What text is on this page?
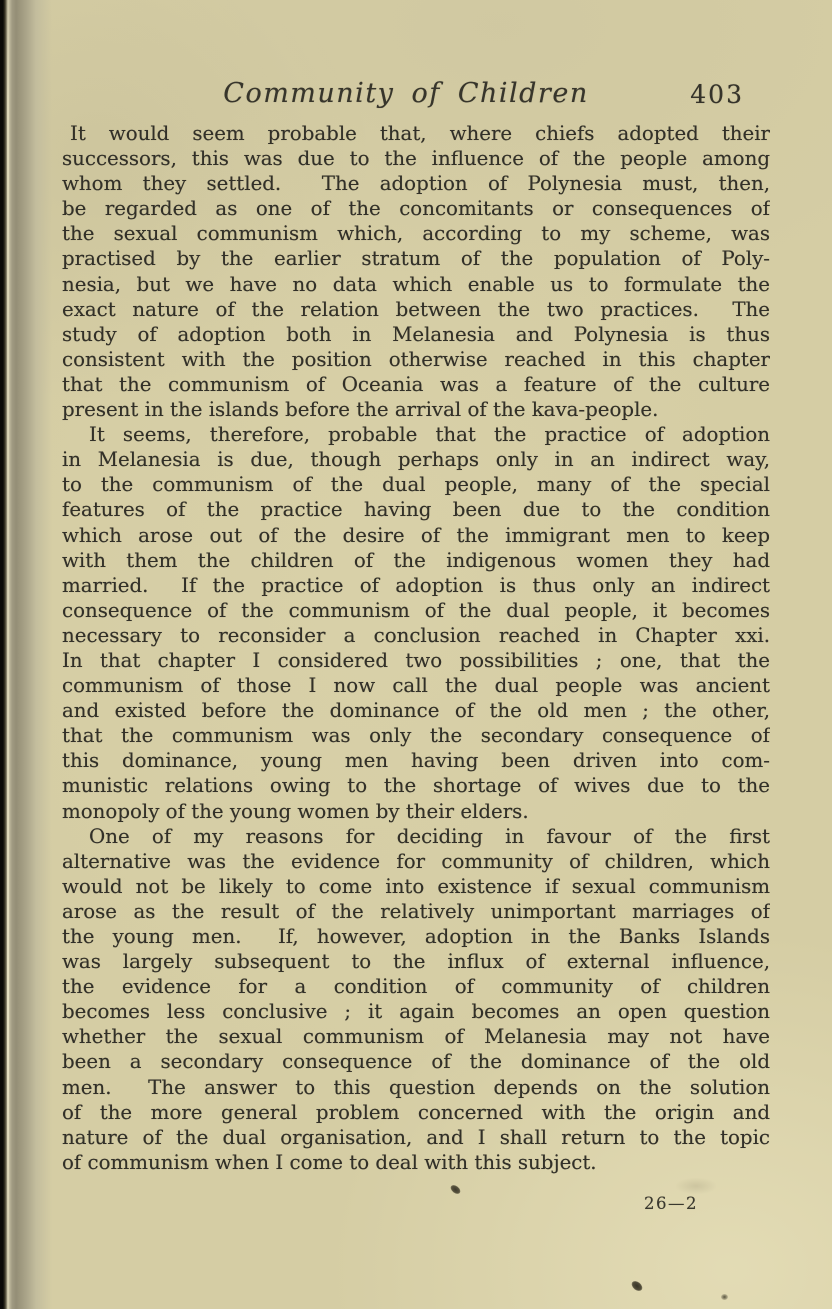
Community of Children	403
It would seem probable that, where chiefs adopted their
successors, this was due to the influence of the people among
whom they settled.  The adoption of Polynesia must, then,
be regarded as one of the concomitants or consequences of
the sexual communism which, according to my scheme, was
practised by the earlier stratum of the population of Poly-
nesia, but we have no data which enable us to formulate the
exact nature of the relation between the two practices.  The
study of adoption both in Melanesia and Polynesia is thus
consistent with the position otherwise reached in this chapter
that the communism of Oceania was a feature of the culture
present in the islands before the arrival of the kava-people.
It seems, therefore, probable that the practice of adoption
in Melanesia is due, though perhaps only in an indirect way,
to the communism of the dual people, many of the special
features of the practice having been due to the condition
which arose out of the desire of the immigrant men to keep
with them the children of the indigenous women they had
married.  If the practice of adoption is thus only an indirect
consequence of the communism of the dual people, it becomes
necessary to reconsider a conclusion reached in Chapter xxi.
In that chapter I considered two possibilities ; one, that the
communism of those I now call the dual people was ancient
and existed before the dominance of the old men ; the other,
that the communism was only the secondary consequence of
this dominance, young men having been driven into com-
munistic relations owing to the shortage of wives due to the
monopoly of the young women by their elders.
One of my reasons for deciding in favour of the first
alternative was the evidence for community of children, which
would not be likely to come into existence if sexual communism
arose as the result of the relatively unimportant marriages of
the young men.  If, however, adoption in the Banks Islands
was largely subsequent to the influx of external influence,
the evidence for a condition of community of children
becomes less conclusive ; it again becomes an open question
whether the sexual communism of Melanesia may not have
been a secondary consequence of the dominance of the old
men.  The answer to this question depends on the solution
of the more general problem concerned with the origin and
nature of the dual organisation, and I shall return to the topic
of communism when I come to deal with this subject.
26—2
